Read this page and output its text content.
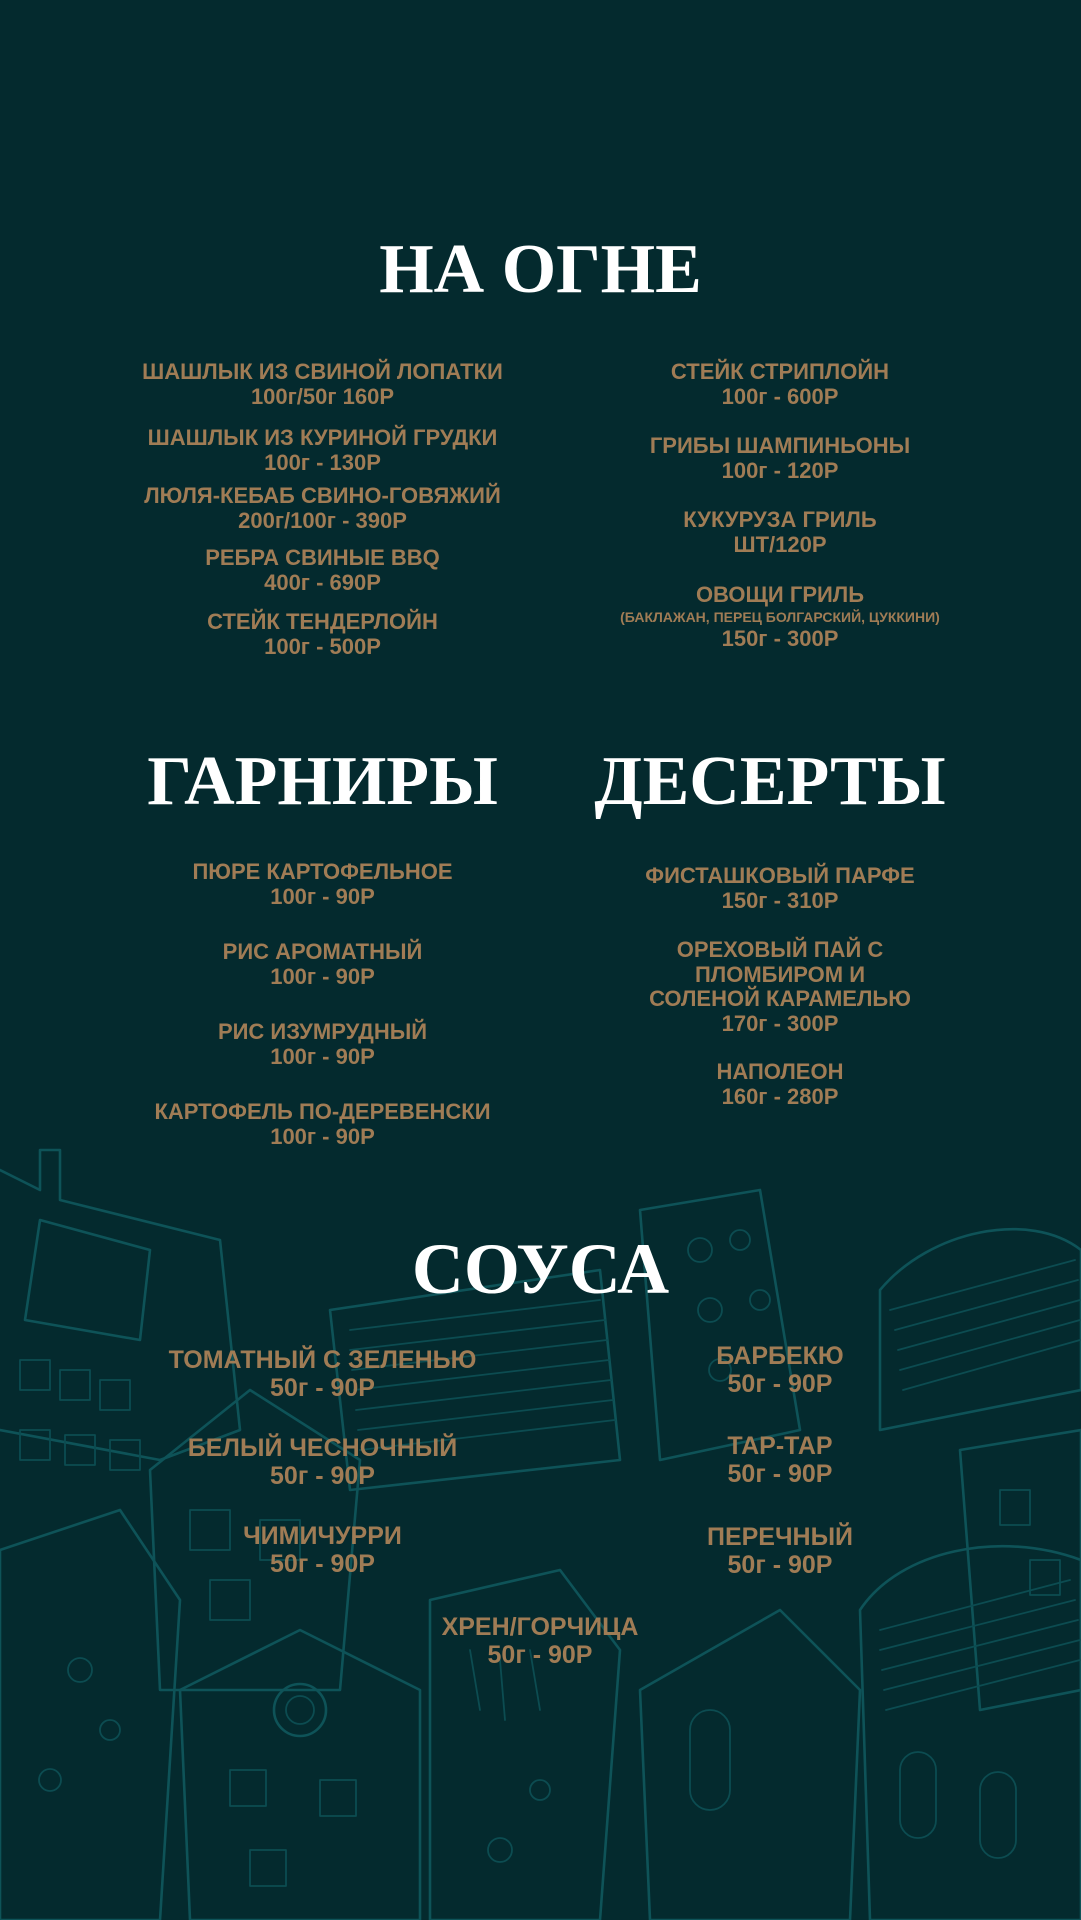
НА ОГНЕ
ШАШЛЫК ИЗ СВИНОЙ ЛОПАТКИ
100г/50г 160Р
ШАШЛЫК ИЗ КУРИНОЙ ГРУДКИ
100г - 130Р
ЛЮЛЯ-КЕБАБ СВИНО-ГОВЯЖИЙ
200г/100г - 390Р
РЕБРА СВИНЫЕ BBQ
400г - 690Р
СТЕЙК ТЕНДЕРЛОЙН
100г - 500Р
СТЕЙК СТРИПЛОЙН
100г - 600Р
ГРИБЫ ШАМПИНЬОНЫ
100г - 120Р
КУКУРУЗА ГРИЛЬ
ШТ/120Р
ОВОЩИ ГРИЛЬ
(БАКЛАЖАН, ПЕРЕЦ БОЛГАРСКИЙ, ЦУККИНИ)
150г - 300Р
ГАРНИРЫ
ПЮРЕ КАРТОФЕЛЬНОЕ
100г - 90Р
РИС АРОМАТНЫЙ
100г - 90Р
РИС ИЗУМРУДНЫЙ
100г - 90Р
КАРТОФЕЛЬ ПО-ДЕРЕВЕНСКИ
100г - 90Р
ДЕСЕРТЫ
ФИСТАШКОВЫЙ ПАРФЕ
150г - 310Р
ОРЕХОВЫЙ ПАЙ С
ПЛОМБИРОМ И
СОЛЕНОЙ КАРАМЕЛЬЮ
170г - 300Р
НАПОЛЕОН
160г - 280Р
СОУСА
ТОМАТНЫЙ С ЗЕЛЕНЬЮ
50г - 90Р
БЕЛЫЙ ЧЕСНОЧНЫЙ
50г - 90Р
ЧИМИЧУРРИ
50г - 90Р
БАРБЕКЮ
50г - 90Р
ТАР-ТАР
50г - 90Р
ПЕРЕЧНЫЙ
50г - 90Р
ХРЕН/ГОРЧИЦА
50г - 90Р
